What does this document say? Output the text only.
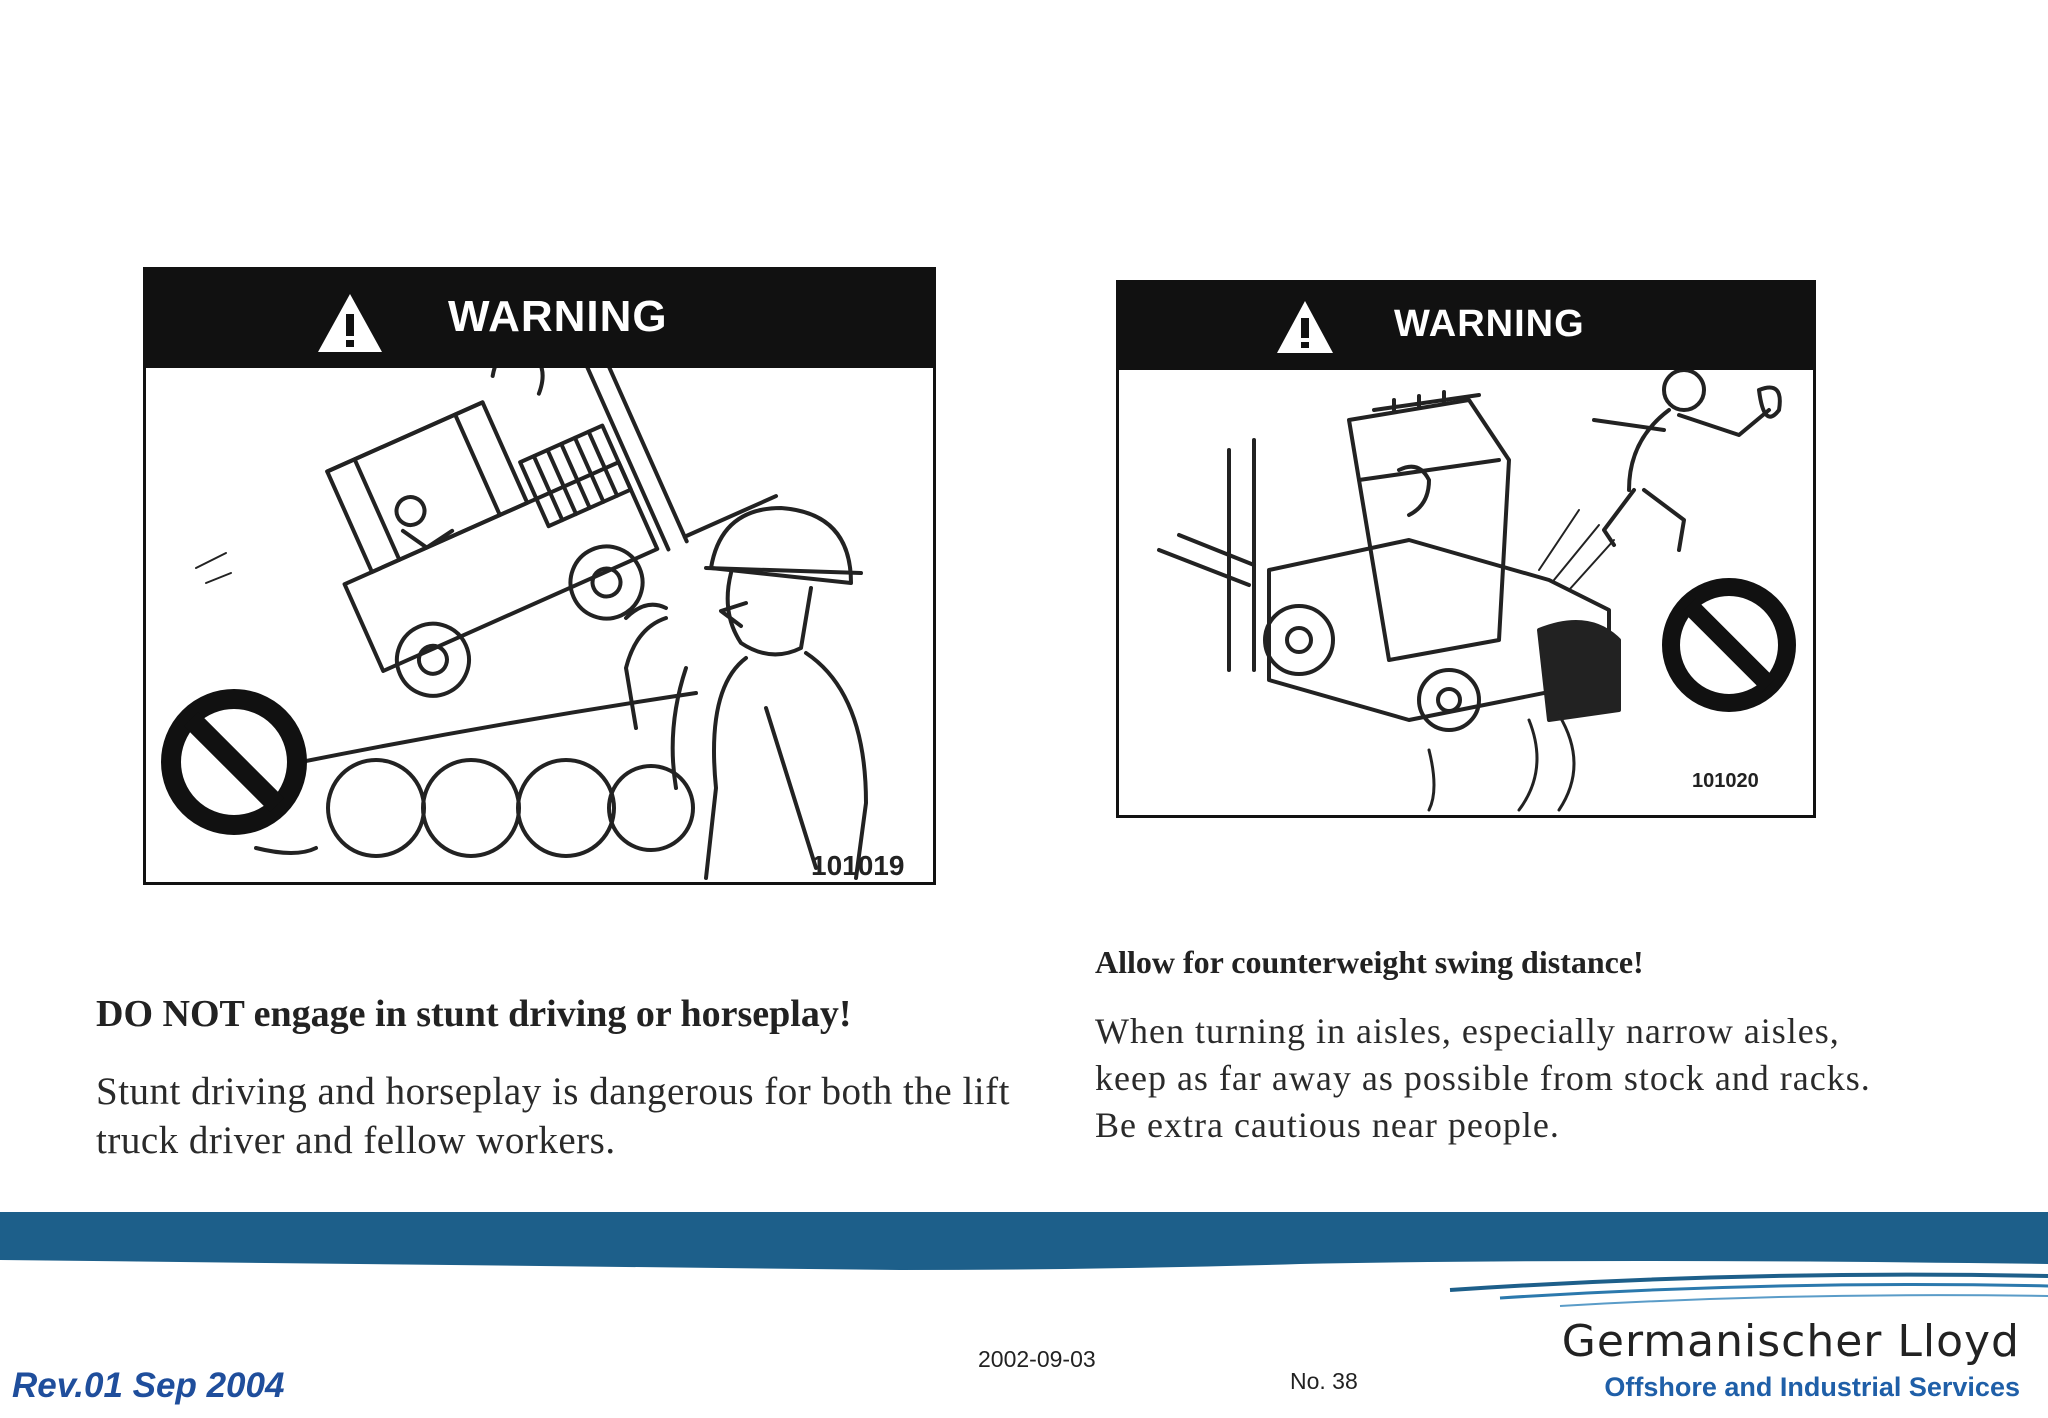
WARNING
101019
DO NOT engage in stunt driving or horseplay!
Stunt driving and horseplay is dangerous for both the lift truck driver and fellow workers.
WARNING
101020
Allow for counterweight swing distance!
When turning in aisles, especially narrow aisles, keep as far away as possible from stock and racks. Be extra cautious near people.
Rev.01 Sep 2004
2002-09-03
No. 38
Germanischer Lloyd
Offshore and Industrial Services
